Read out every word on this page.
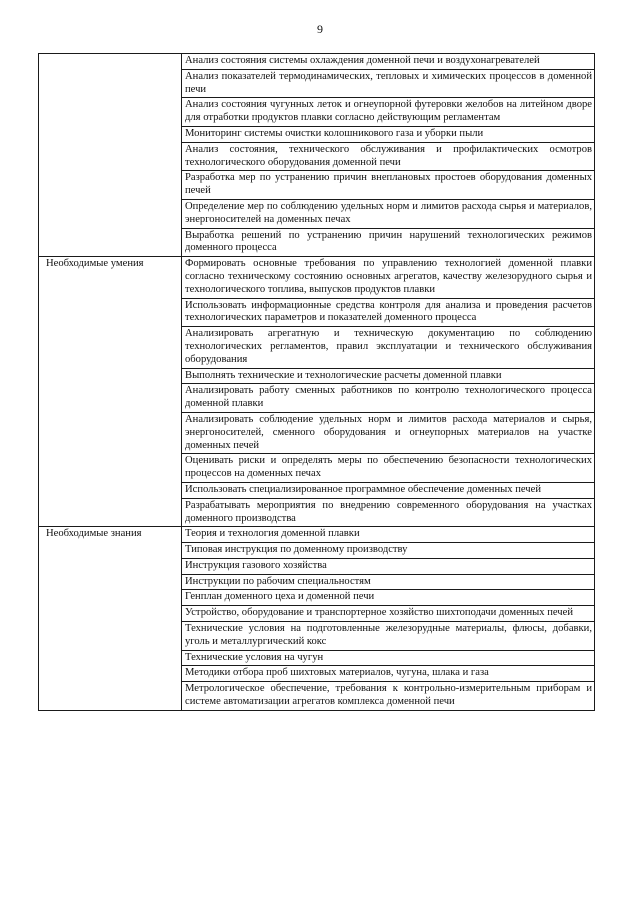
9
	Анализ состояния системы охлаждения доменной печи и воздухонагревателей
	Анализ показателей термодинамических, тепловых и химических процессов в доменной печи
	Анализ состояния чугунных леток и огнеупорной футеровки желобов на литейном дворе для отработки продуктов плавки согласно действующим регламентам
	Мониторинг системы очистки колошникового газа и уборки пыли
	Анализ состояния, технического обслуживания и профилактических осмотров технологического оборудования доменной печи
	Разработка мер по устранению причин внеплановых простоев оборудования доменных печей
	Определение мер по соблюдению удельных норм и лимитов расхода сырья и материалов, энергоносителей на доменных печах
	Выработка решений по устранению причин нарушений технологических режимов доменного процесса

Необходимые умения	Формировать основные требования по управлению технологией доменной плавки согласно техническому состоянию основных агрегатов, качеству железорудного сырья и технологического топлива, выпусков продуктов плавки
	Использовать информационные средства контроля для анализа и проведения расчетов технологических параметров и показателей доменного процесса
	Анализировать агрегатную и техническую документацию по соблюдению технологических регламентов, правил эксплуатации и технического обслуживания оборудования
	Выполнять технические и технологические расчеты доменной плавки
	Анализировать работу сменных работников по контролю технологического процесса доменной плавки
	Анализировать соблюдение удельных норм и лимитов расхода материалов и сырья, энергоносителей, сменного оборудования и огнеупорных материалов на участке доменных печей
	Оценивать риски и определять меры по обеспечению безопасности технологических процессов на доменных печах
	Использовать специализированное программное обеспечение доменных печей
	Разрабатывать мероприятия по внедрению современного оборудования на участках доменного производства

Необходимые знания	Теория и технология доменной плавки
	Типовая инструкция по доменному производству
	Инструкция газового хозяйства
	Инструкции по рабочим специальностям
	Генплан доменного цеха и доменной печи
	Устройство, оборудование и транспортерное хозяйство шихтоподачи доменных печей
	Технические условия на подготовленные железорудные материалы, флюсы, добавки, уголь и металлургический кокс
	Технические условия на чугун
	Методики отбора проб шихтовых материалов, чугуна, шлака и газа
	Метрологическое обеспечение, требования к контрольно-измерительным приборам и системе автоматизации агрегатов комплекса доменной печи
